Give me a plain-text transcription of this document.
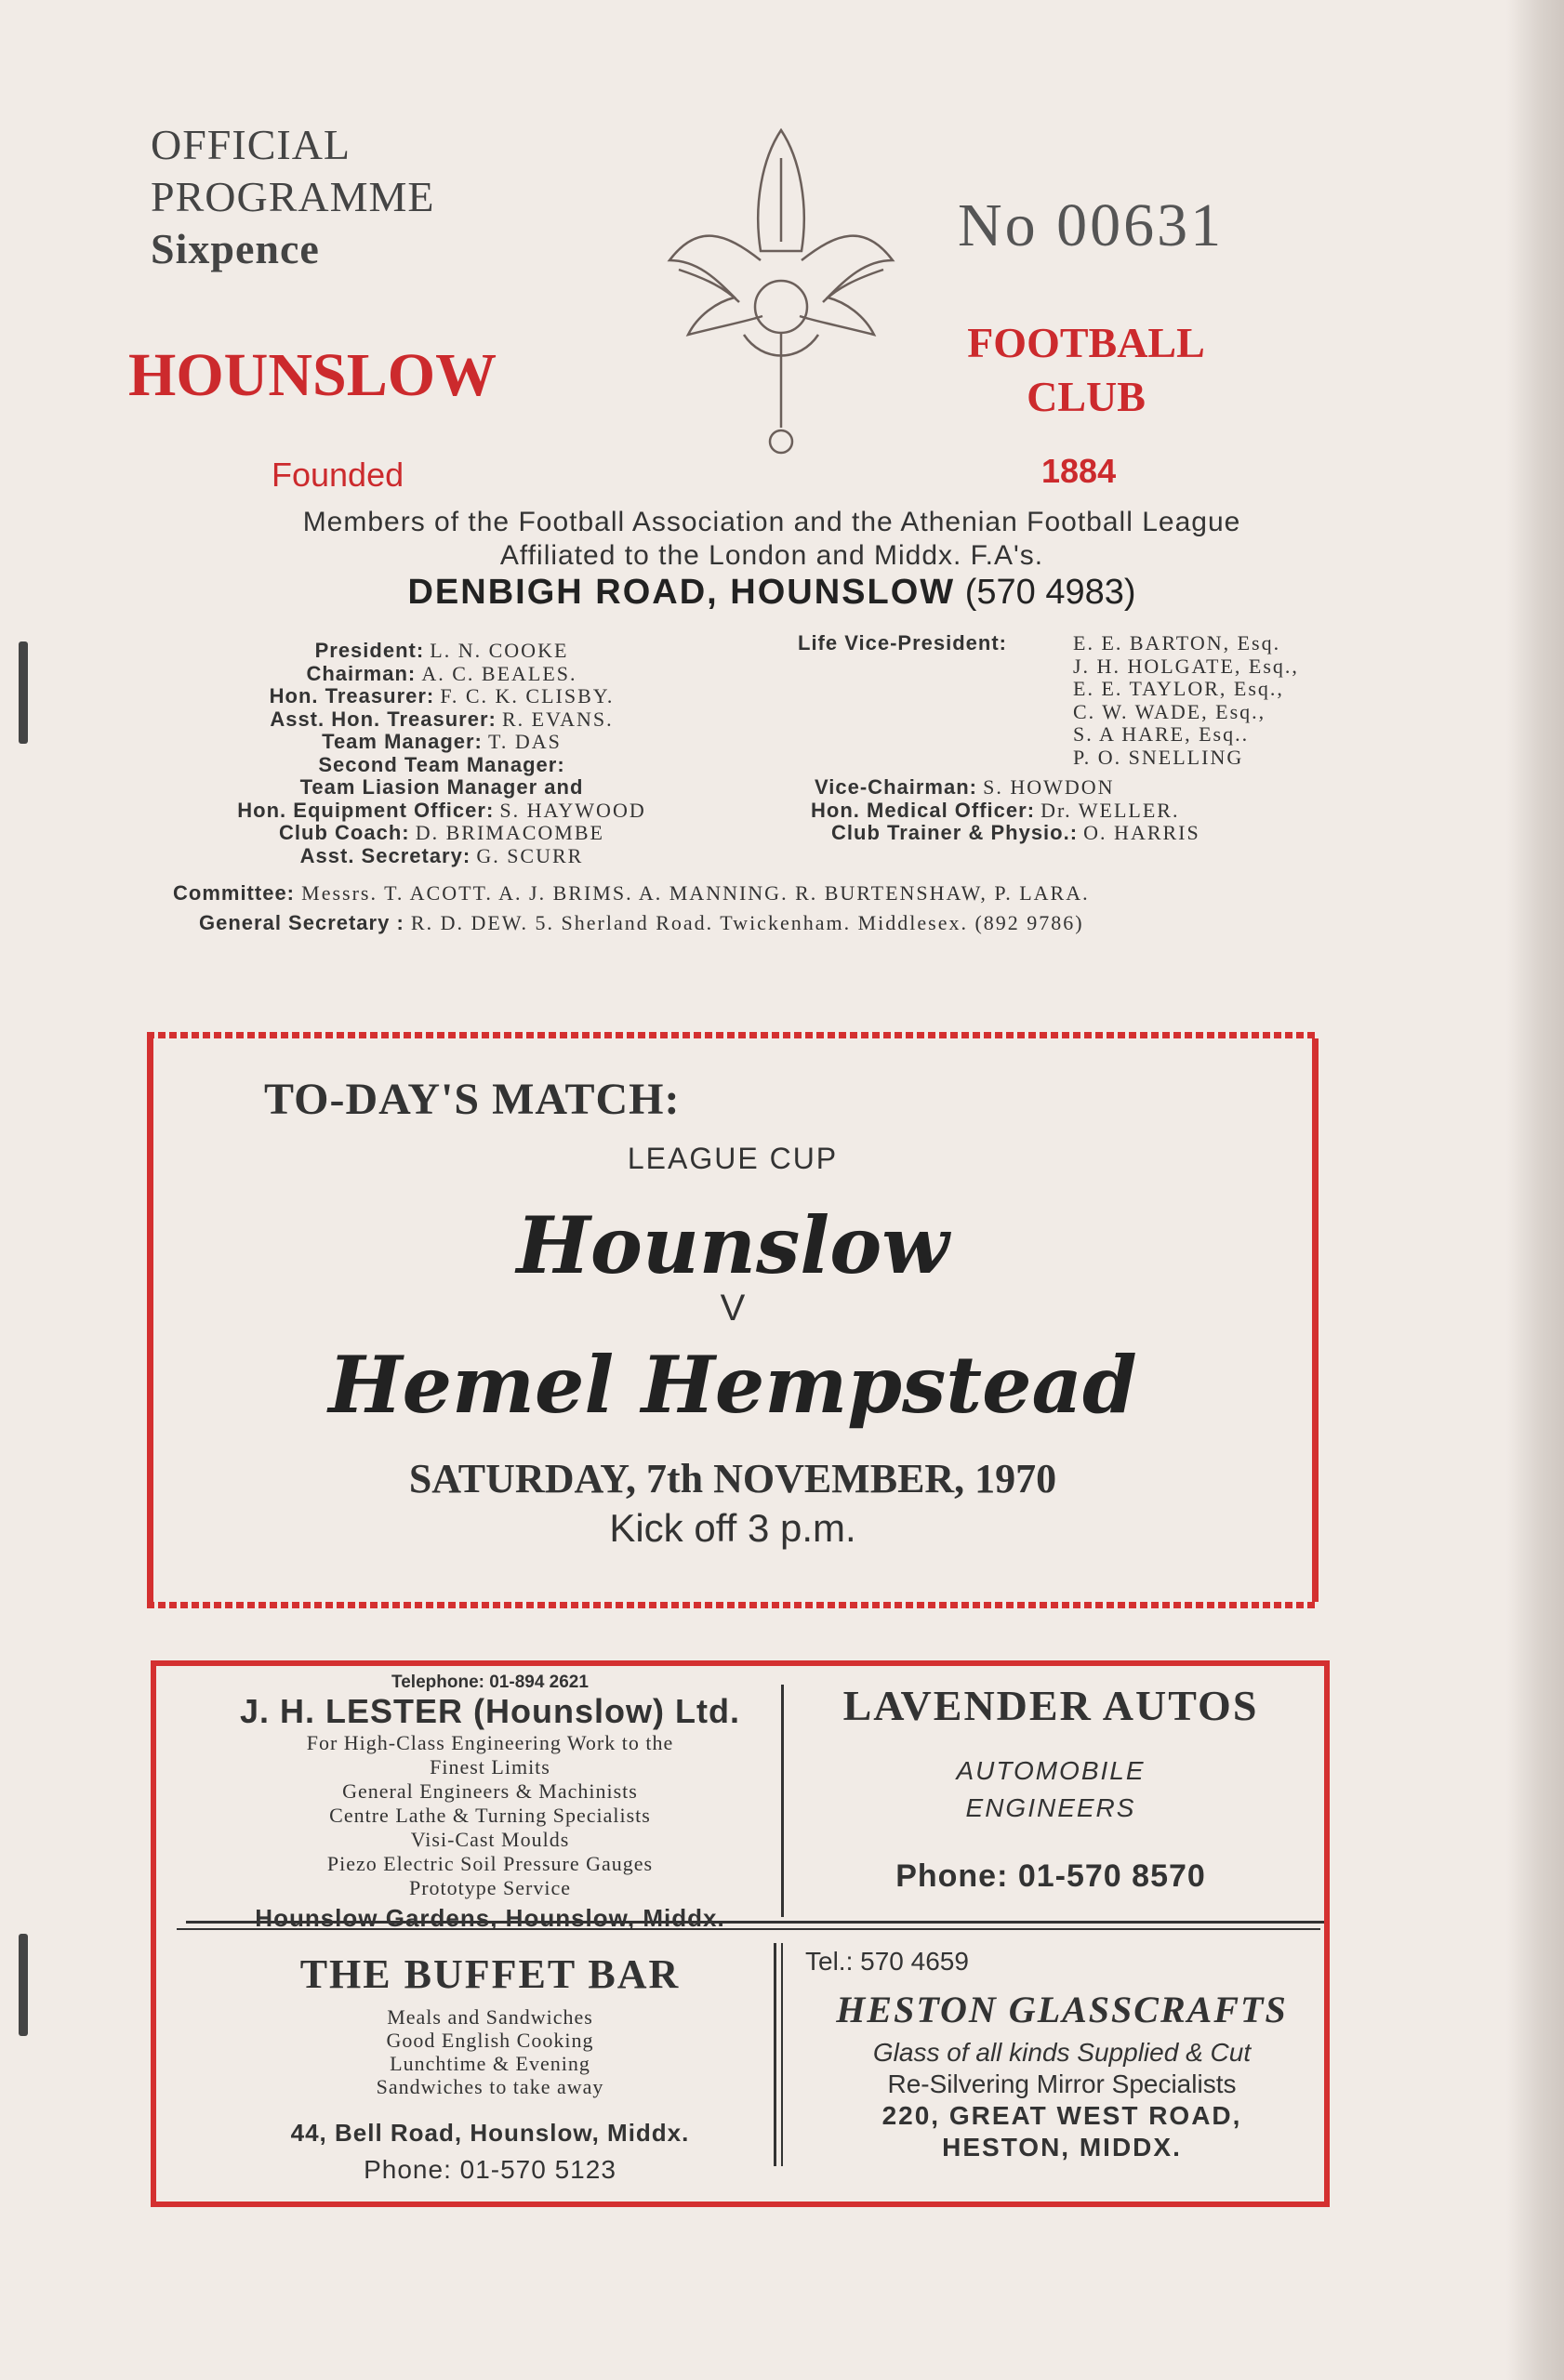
OFFICIAL
PROGRAMME
Sixpence	No 00631
HOUNSLOW	FOOTBALL
CLUB
Founded	1884
Members of the Football Association and the Athenian Football League
Affiliated to the London and Middx. F.A's.
DENBIGH ROAD, HOUNSLOW (570 4983)
President: L. N. COOKE
Chairman: A. C. BEALES.
Hon. Treasurer: F. C. K. CLISBY.
Asst. Hon. Treasurer: R. EVANS.
Team Manager: T. DAS
Second Team Manager:
Team Liasion Manager and
Hon. Equipment Officer: S. HAYWOOD
Club Coach: D. BRIMACOMBE
Asst. Secretary: G. SCURR
Life Vice-President:	E. E. BARTON, Esq.
J. H. HOLGATE, Esq.,
E. E. TAYLOR, Esq.,
C. W. WADE, Esq.,
S. A HARE, Esq..
P. O. SNELLING
Vice-Chairman: S. HOWDON
Hon. Medical Officer: Dr. WELLER.
Club Trainer & Physio.: O. HARRIS
Committee: Messrs. T. ACOTT. A. J. BRIMS. A. MANNING. R. BURTENSHAW, P. LARA.
General Secretary : R. D. DEW. 5. Sherland Road. Twickenham. Middlesex. (892 9786)
TO-DAY'S MATCH:
LEAGUE CUP
Hounslow
V
Hemel Hempstead
SATURDAY, 7th NOVEMBER, 1970
Kick off 3 p.m.
Telephone: 01-894 2621
J. H. LESTER (Hounslow) Ltd.
For High-Class Engineering Work to the
Finest Limits
General Engineers & Machinists
Centre Lathe & Turning Specialists
Visi-Cast Moulds
Piezo Electric Soil Pressure Gauges
Prototype Service
Hounslow Gardens, Hounslow, Middx.
LAVENDER AUTOS
AUTOMOBILE
ENGINEERS
Phone: 01-570 8570
THE BUFFET BAR
Meals and Sandwiches
Good English Cooking
Lunchtime & Evening
Sandwiches to take away
44, Bell Road, Hounslow, Middx.
Phone: 01-570 5123
Tel.: 570 4659
HESTON GLASSCRAFTS
Glass of all kinds Supplied & Cut
Re-Silvering Mirror Specialists
220, GREAT WEST ROAD,
HESTON, MIDDX.
